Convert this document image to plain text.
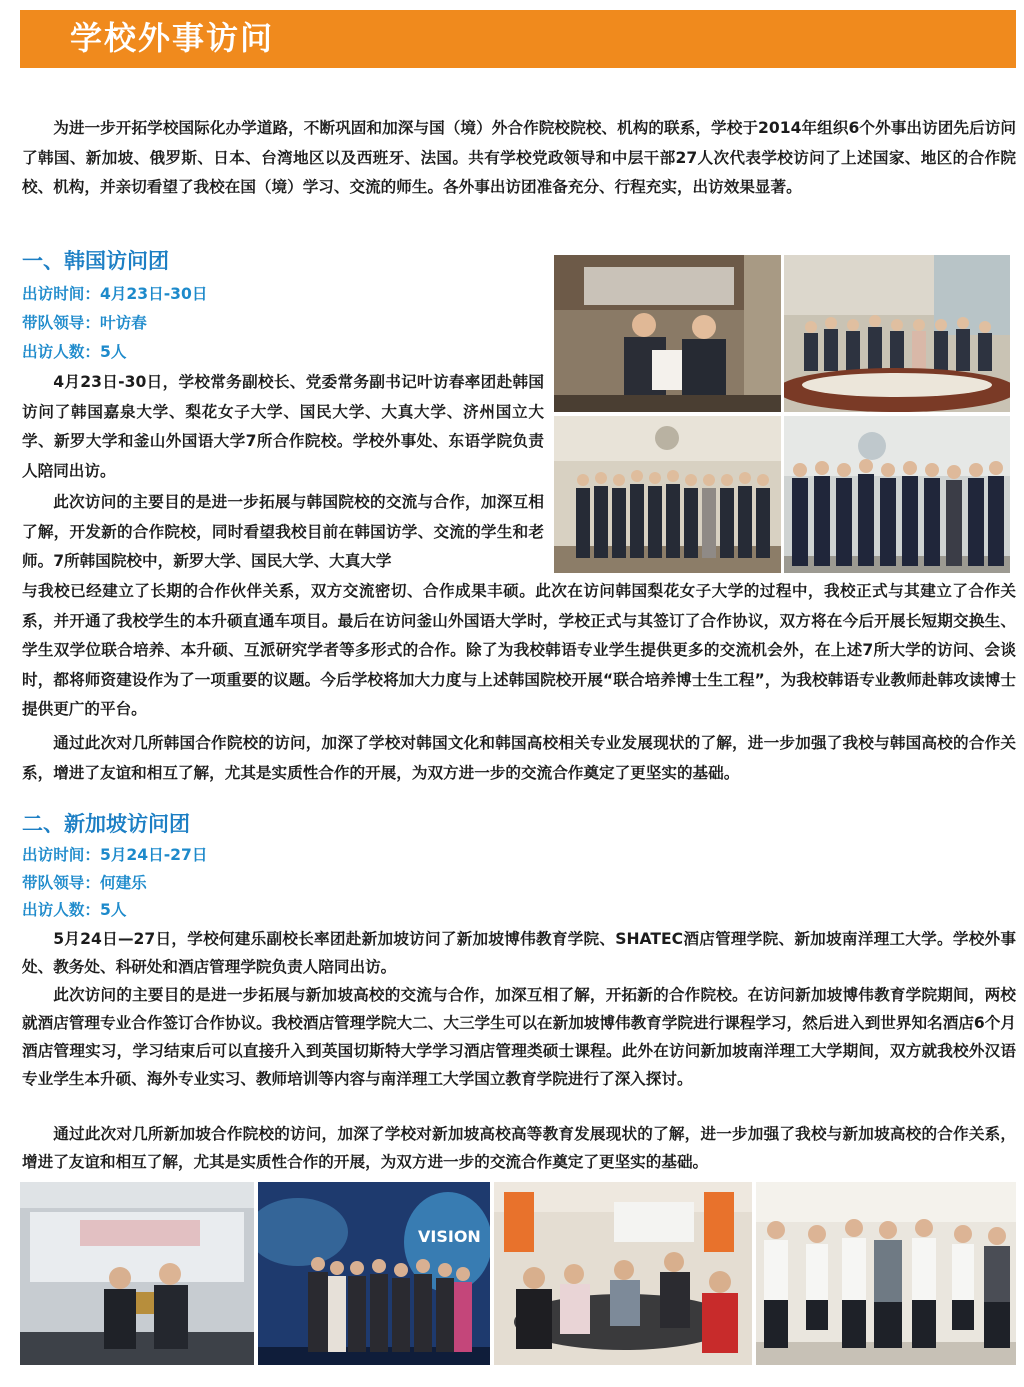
学校外事访问

为进一步开拓学校国际化办学道路，不断巩固和加深与国（境）外合作院校院校、机构的联系，学校于2014年组织6个外事出访团先后访问了韩国、新加坡、俄罗斯、日本、台湾地区以及西班牙、法国。共有学校党政领导和中层干部27人次代表学校访问了上述国家、地区的合作院校、机构，并亲切看望了我校在国（境）学习、交流的师生。各外事出访团准备充分、行程充实，出访效果显著。

一、韩国访问团
出访时间：4月23日-30日
带队领导：叶访春
出访人数：5人

4月23日-30日，学校常务副校长、党委常务副书记叶访春率团赴韩国访问了韩国嘉泉大学、梨花女子大学、国民大学、大真大学、济州国立大学、新罗大学和釜山外国语大学7所合作院校。学校外事处、东语学院负责人陪同出访。

此次访问的主要目的是进一步拓展与韩国院校的交流与合作，加深互相了解，开发新的合作院校，同时看望我校目前在韩国访学、交流的学生和老师。7所韩国院校中，新罗大学、国民大学、大真大学

与我校已经建立了长期的合作伙伴关系，双方交流密切、合作成果丰硕。此次在访问韩国梨花女子大学的过程中，我校正式与其建立了合作关系，并开通了我校学生的本升硕直通车项目。最后在访问釜山外国语大学时，学校正式与其签订了合作协议，双方将在今后开展长短期交换生、学生双学位联合培养、本升硕、互派研究学者等多形式的合作。除了为我校韩语专业学生提供更多的交流机会外，在上述7所大学的访问、会谈时，都将师资建设作为了一项重要的议题。今后学校将加大力度与上述韩国院校开展“联合培养博士生工程”，为我校韩语专业教师赴韩攻读博士提供更广的平台。

通过此次对几所韩国合作院校的访问，加深了学校对韩国文化和韩国高校相关专业发展现状的了解，进一步加强了我校与韩国高校的合作关系，增进了友谊和相互了解，尤其是实质性合作的开展，为双方进一步的交流合作奠定了更坚实的基础。

二、新加坡访问团
出访时间：5月24日-27日
带队领导：何建乐
出访人数：5人

5月24日—27日，学校何建乐副校长率团赴新加坡访问了新加坡博伟教育学院、SHATEC酒店管理学院、新加坡南洋理工大学。学校外事处、教务处、科研处和酒店管理学院负责人陪同出访。

此次访问的主要目的是进一步拓展与新加坡高校的交流与合作，加深互相了解，开拓新的合作院校。在访问新加坡博伟教育学院期间，两校就酒店管理专业合作签订合作协议。我校酒店管理学院大二、大三学生可以在新加坡博伟教育学院进行课程学习，然后进入到世界知名酒店6个月酒店管理实习，学习结束后可以直接升入到英国切斯特大学学习酒店管理类硕士课程。此外在访问新加坡南洋理工大学期间，双方就我校外汉语专业学生本升硕、海外专业实习、教师培训等内容与南洋理工大学国立教育学院进行了深入探讨。

通过此次对几所新加坡合作院校的访问，加深了学校对新加坡高校高等教育发展现状的了解，进一步加强了我校与新加坡高校的合作关系，增进了友谊和相互了解，尤其是实质性合作的开展，为双方进一步的交流合作奠定了更坚实的基础。

VISION
